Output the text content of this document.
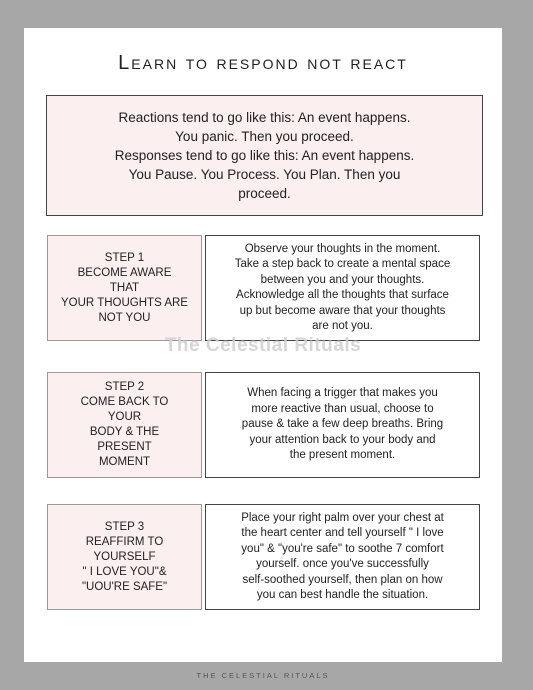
Learn to respond not react
Reactions tend to go like this: An event happens.
You panic. Then you proceed.
Responses tend to go like this: An event happens.
You Pause. You Process. You Plan. Then you
proceed.
STEP 1
BECOME AWARE
THAT
YOUR THOUGHTS ARE
NOT YOU
Observe your thoughts in the moment.
Take a step back to create a mental space
between you and your thoughts.
Acknowledge all the thoughts that surface
up but become aware that your thoughts
are not you.
STEP 2
COME BACK TO
YOUR
BODY & THE
PRESENT
MOMENT
When facing a trigger that makes you
more reactive than usual, choose to
pause & take a few deep breaths. Bring
your attention back to your body and
the present moment.
STEP 3
REAFFIRM TO
YOURSELF
" I LOVE YOU"&
"UOU'RE SAFE"
Place your right palm over your chest at
the heart center and tell yourself " I love
you" & "you're safe" to soothe 7 comfort
yourself. once you've successfully
self-soothed yourself, then plan on how
you can best handle the situation.
The Celestial Rituals
THE CELESTIAL RITUALS
